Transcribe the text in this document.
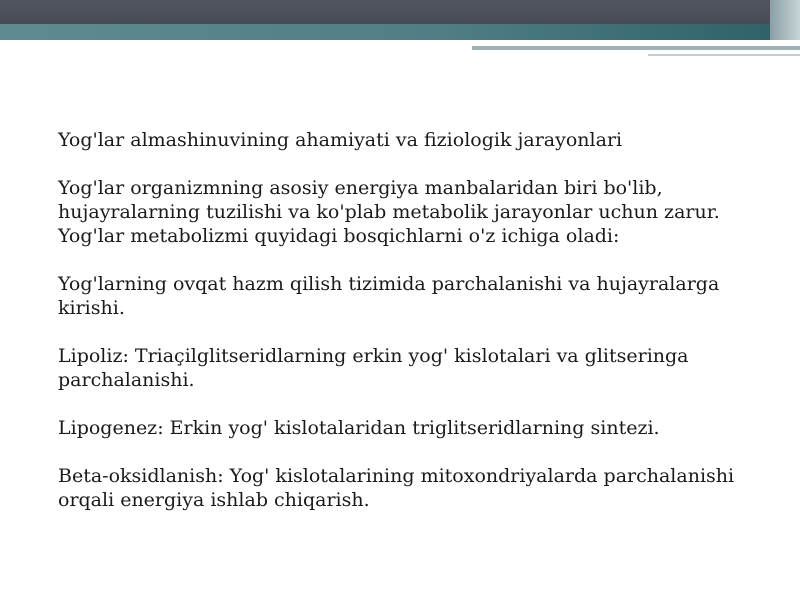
Yog'lar almashinuvining ahamiyati va fiziologik jarayonlari

Yog'lar organizmning asosiy energiya manbalaridan biri bo'lib,
hujayralarning tuzilishi va ko'plab metabolik jarayonlar uchun zarur.
Yog'lar metabolizmi quyidagi bosqichlarni o'z ichiga oladi:

Yog'larning ovqat hazm qilish tizimida parchalanishi va hujayralarga
kirishi.

Lipoliz: Triaçilglitseridlarning erkin yog' kislotalari va glitseringa
parchalanishi.

Lipogenez: Erkin yog' kislotalaridan triglitseridlarning sintezi.

Beta-oksidlanish: Yog' kislotalarining mitoxondriyalarda parchalanishi
orqali energiya ishlab chiqarish.
